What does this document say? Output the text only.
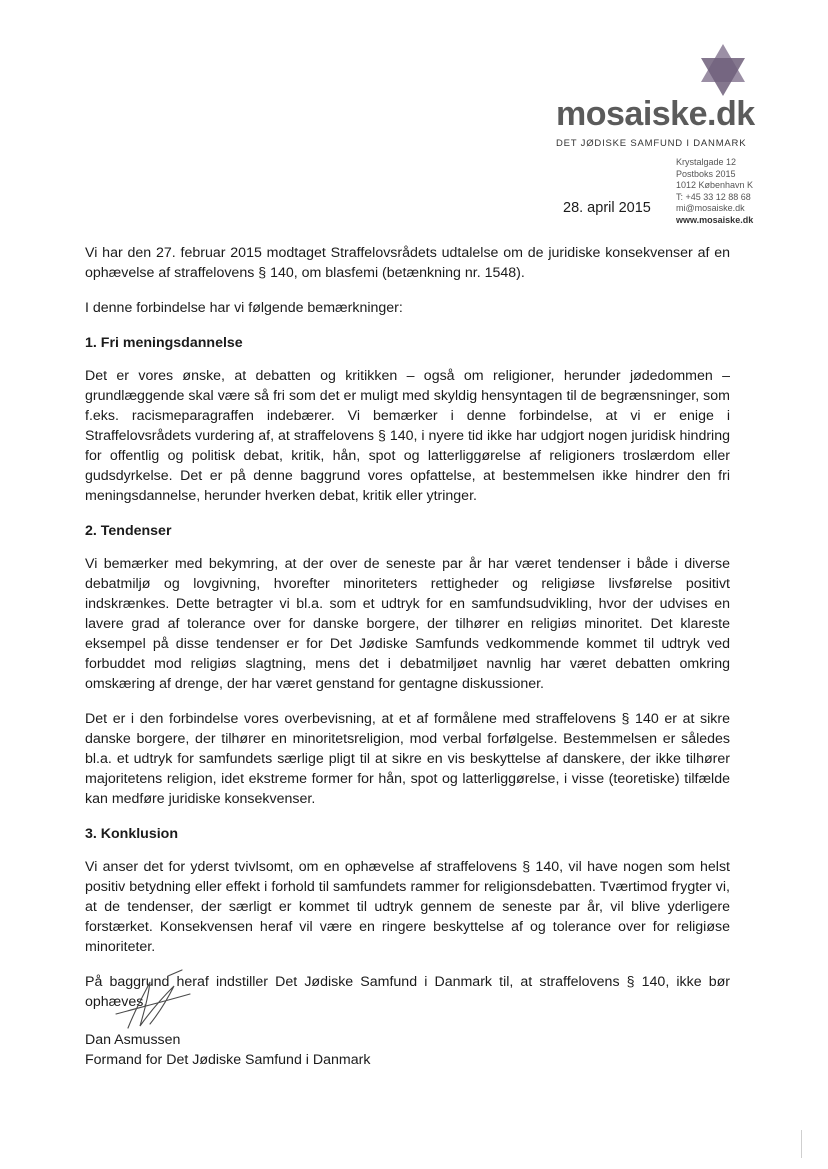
mosaiske.dk
DET JØDISKE SAMFUND I DANMARK
Krystalgade 12
Postboks 2015
1012 København K
T: +45 33 12 88 68
mi@mosaiske.dk
www.mosaiske.dk
28. april 2015

Vi har den 27. februar 2015 modtaget Straffelovsrådets udtalelse om de juridiske konsekvenser af en ophævelse af straffelovens § 140, om blasfemi (betænkning nr. 1548).

I denne forbindelse har vi følgende bemærkninger:

1. Fri meningsdannelse

Det er vores ønske, at debatten og kritikken – også om religioner, herunder jødedommen – grundlæggende skal være så fri som det er muligt med skyldig hensyntagen til de begrænsninger, som f.eks. racismeparagraffen indebærer. Vi bemærker i denne forbindelse, at vi er enige i Straffelovsrådets vurdering af, at straffelovens § 140, i nyere tid ikke har udgjort nogen juridisk hindring for offentlig og politisk debat, kritik, hån, spot og latterliggørelse af religioners troslærdom eller gudsdyrkelse. Det er på denne baggrund vores opfattelse, at bestemmelsen ikke hindrer den fri meningsdannelse, herunder hverken debat, kritik eller ytringer.

2. Tendenser

Vi bemærker med bekymring, at der over de seneste par år har været tendenser i både i diverse debatmiljø og lovgivning, hvorefter minoriteters rettigheder og religiøse livsførelse positivt indskrænkes. Dette betragter vi bl.a. som et udtryk for en samfundsudvikling, hvor der udvises en lavere grad af tolerance over for danske borgere, der tilhører en religiøs minoritet. Det klareste eksempel på disse tendenser er for Det Jødiske Samfunds vedkommende kommet til udtryk ved forbuddet mod religiøs slagtning, mens det i debatmiljøet navnlig har været debatten omkring omskæring af drenge, der har været genstand for gentagne diskussioner.

Det er i den forbindelse vores overbevisning, at et af formålene med straffelovens § 140 er at sikre danske borgere, der tilhører en minoritetsreligion, mod verbal forfølgelse. Bestemmelsen er således bl.a. et udtryk for samfundets særlige pligt til at sikre en vis beskyttelse af danskere, der ikke tilhører majoritetens religion, idet ekstreme former for hån, spot og latterliggørelse, i visse (teoretiske) tilfælde kan medføre juridiske konsekvenser.

3. Konklusion

Vi anser det for yderst tvivlsomt, om en ophævelse af straffelovens § 140, vil have nogen som helst positiv betydning eller effekt i forhold til samfundets rammer for religionsdebatten. Tværtimod frygter vi, at de tendenser, der særligt er kommet til udtryk gennem de seneste par år, vil blive yderligere forstærket. Konsekvensen heraf vil være en ringere beskyttelse af og tolerance over for religiøse minoriteter.

På baggrund heraf indstiller Det Jødiske Samfund i Danmark til, at straffelovens § 140, ikke bør ophæves.

Dan Asmussen
Formand for Det Jødiske Samfund i Danmark
